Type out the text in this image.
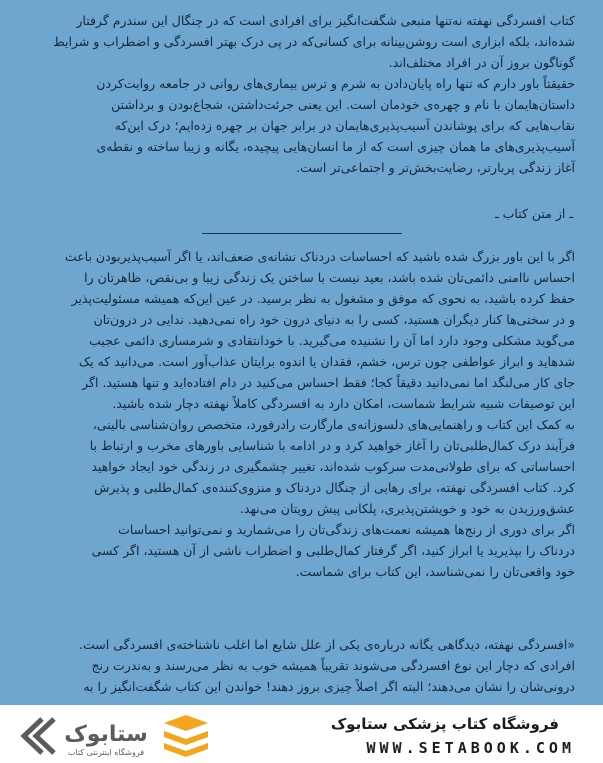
کتاب افسردگی نهفته نه‌تنها منبعی شگفت‌انگیز برای افرادی است که در چنگال این سندرم گرفتار

شده‌اند، بلکه ابزاری است روشن‌بینانه برای کسانی‌که در پی درک بهتر افسردگی و اضطراب و شرایط

گوناگون بروز آن در افراد مختلف‌اند.

حقیقتاً باور دارم که تنها راه پایان‌دادن به شرم و ترس بیماری‌های روانی در جامعه روایت‌کردن

داستان‌هایمان با نام و چهره‌ی خودمان است. این یعنی جرئت‌داشتن، شجاع‌بودن و برداشتن

نقاب‌هایی که برای پوشاندن آسیب‌پذیری‌هایمان در برابر جهان بر چهره زده‌ایم؛ درک این‌که

آسیب‌پذیری‌های ما همان چیزی است که از ما انسان‌هایی پیچیده، یگانه و زیبا ساخته و نقطه‌ی

آغاز زندگی پربارتر، رضایت‌بخش‌تر و اجتماعی‌تر است.

ـ از متن کتاب ـ

اگر با این باور بزرگ شده باشید که احساسات دردناک نشانه‌ی ضعف‌اند، یا اگر آسیب‌پذیربودن باعث

احساس ناامنی دائمی‌تان شده باشد، بعید نیست با ساختن یک زندگی زیبا و بی‌نقص، ظاهرتان را

حفظ کرده باشید، به نحوی که موفق و مشغول به نظر برسید. در عین این‌که همیشه مسئولیت‌پذیر

و در سختی‌ها کنار دیگران هستید، کسی را به دنیای درون خود راه نمی‌دهید. ندایی در درون‌تان

می‌گوید مشکلی وجود دارد اما آن را نشنیده می‌گیرید. با خودانتقادی و شرمساری دائمی عجیب

شدهاید و ابراز عواطفی چون ترس، خشم، فقدان یا اندوه برایتان عذاب‌آور است. می‌دانید که یک

جای کار می‌لنگد اما نمی‌دانید دقیقاً کجا؛ فقط احساس می‌کنید در دام افتاده‌اید و تنها هستید. اگر

این توصیفات شبیه شرایط شماست، امکان دارد به افسردگی کاملاً نهفته دچار شده باشید.

به کمک این کتاب و راهنمایی‌های دلسوزانه‌ی مارگارت رادرفورد، متخصص روان‌شناسی بالینی،

فرآیند درک کمال‌طلبی‌تان را آغاز خواهید کرد و در ادامه با شناسایی باورهای مخرب و ارتباط با

احساساتی که برای طولانی‌مدت سرکوب شده‌اند، تغییر چشمگیری در زندگی خود ایجاد خواهید

کرد. کتاب افسردگی نهفته، برای رهایی از چنگال دردناک و منزوی‌کننده‌ی کمال‌طلبی و پذیرش

عشق‌ورزیدن به خود و خویشتن‌پذیری، پلکانی پیش رویتان می‌نهد.

اگر برای دوری از رنج‌ها همیشه نعمت‌های زندگی‌تان را می‌شمارید و نمی‌توانید احساسات

دردناک را بپذیرید یا ابراز کنید، اگر گرفتار کمال‌طلبی و اضطراب ناشی از آن هستید، اگر کسی

خود واقعی‌تان را نمی‌شناسد، این کتاب برای شماست.

«افسردگی نهفته، دیدگاهی یگانه درباره‌ی یکی از علل شایع اما اغلب ناشناخته‌ی افسردگی است.

افرادی که دچار این نوع افسردگی می‌شوند تقریباً همیشه خوب به نظر می‌رسند و به‌ندرت رنج

درونی‌شان را نشان می‌دهند؛ البته اگر اصلاً چیزی بروز دهند! خواندن این کتاب شگفت‌انگیز را به

ستابوک
فروشگاه اینترنتی کتاب
فروشگاه کتاب پزشکی ستابوک
WWW.SETABOOK.COM
